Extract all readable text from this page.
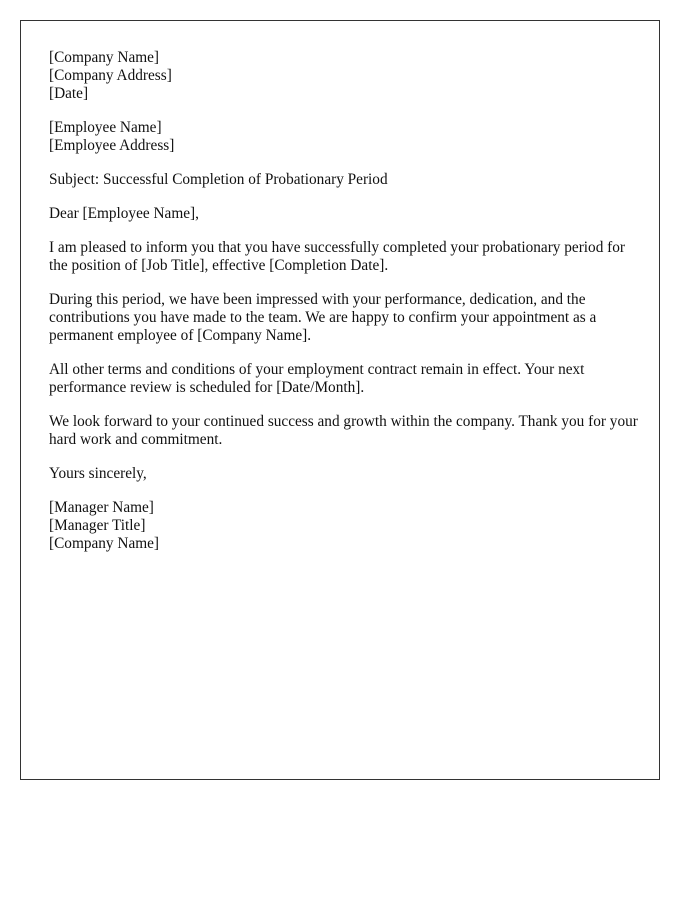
[Company Name]
[Company Address]
[Date]
[Employee Name]
[Employee Address]

Subject: Successful Completion of Probationary Period

Dear [Employee Name],

I am pleased to inform you that you have successfully completed your probationary period for the position of [Job Title], effective [Completion Date].

During this period, we have been impressed with your performance, dedication, and the contributions you have made to the team. We are happy to confirm your appointment as a permanent employee of [Company Name].

All other terms and conditions of your employment contract remain in effect. Your next performance review is scheduled for [Date/Month].

We look forward to your continued success and growth within the company. Thank you for your hard work and commitment.

Yours sincerely,

[Manager Name]
[Manager Title]
[Company Name]
